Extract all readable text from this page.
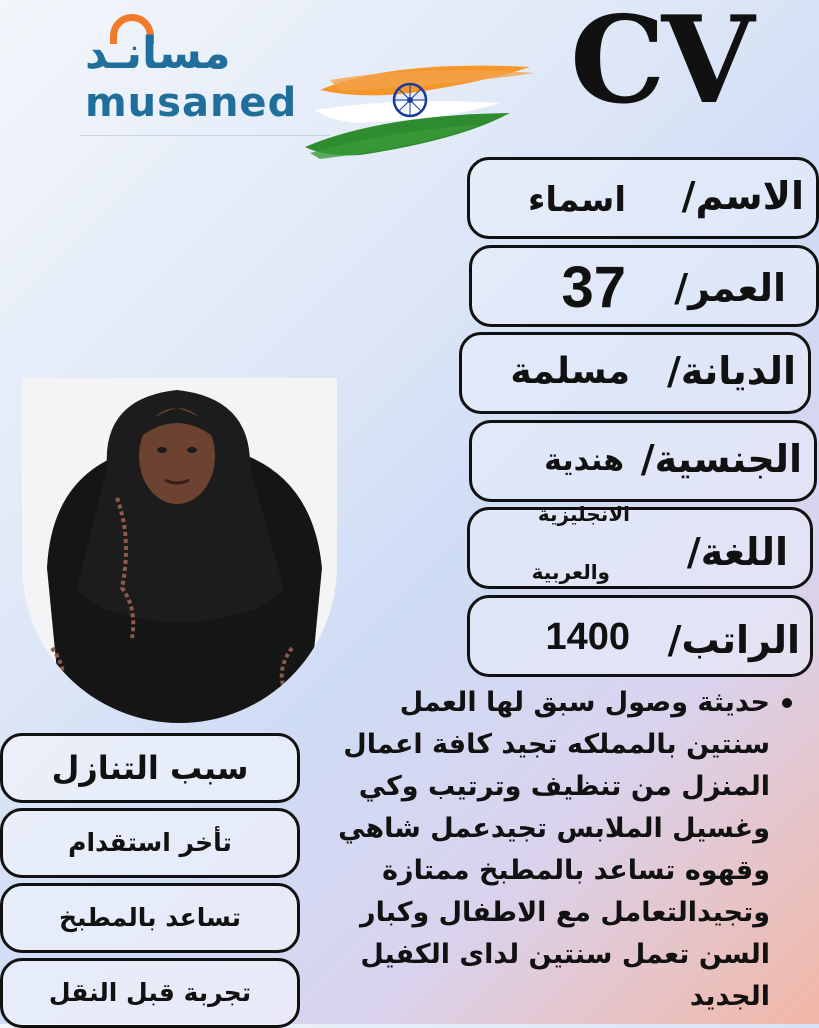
مسانـد
musaned CV
الاسم/
اسماء
العمر/
37
الديانة/
مسلمة
الجنسية/
هندية
اللغة/
الانجليزية
والعربية
الراتب/
1400
حديثة وصول سبق لها العمل
سنتين بالمملكه تجيد كافة اعمال
المنزل من تنظيف وترتيب وكي
وغسيل الملابس تجيدعمل شاهي
وقهوه تساعد بالمطبخ ممتازة
وتجيدالتعامل مع الاطفال وكبار
السن تعمل سنتين لداى الكفيل
الجديد
سبب التنازل
تأخر استقدام
تساعد بالمطبخ
تجربة قبل النقل
